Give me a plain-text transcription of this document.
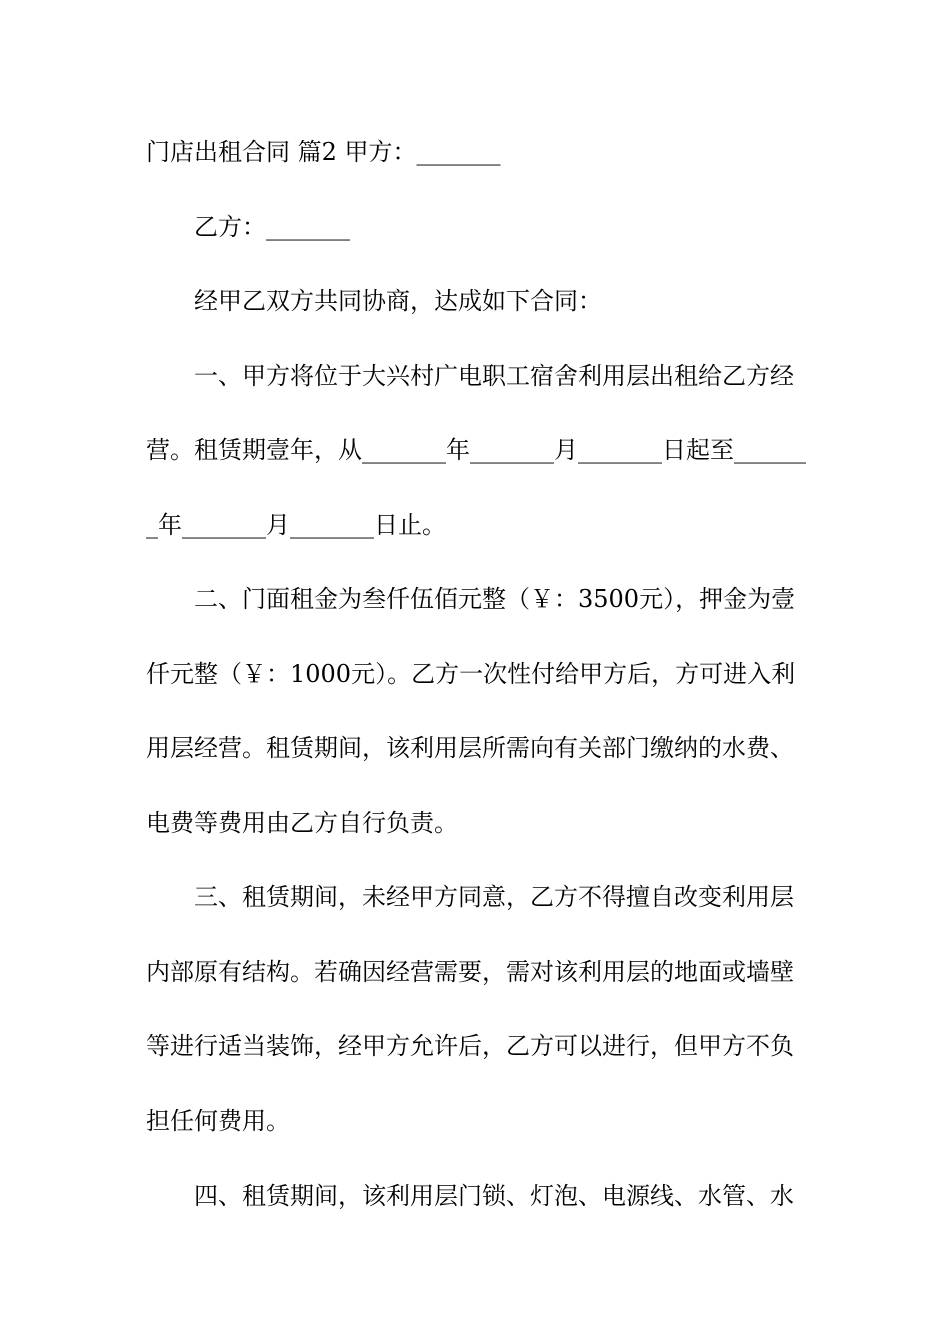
门店出租合同 篇2 甲方：_______
乙方：_______
经甲乙双方共同协商，达成如下合同：
一、甲方将位于大兴村广电职工宿舍利用层出租给乙方经
营。租赁期壹年，从_______年_______月_______日起至______
_年_______月_______日止。
二、门面租金为叁仟伍佰元整（￥：3500元），押金为壹
仟元整（￥：1000元）。乙方一次性付给甲方后，方可进入利
用层经营。租赁期间，该利用层所需向有关部门缴纳的水费、
电费等费用由乙方自行负责。
三、租赁期间，未经甲方同意，乙方不得擅自改变利用层
内部原有结构。若确因经营需要，需对该利用层的地面或墙壁
等进行适当装饰，经甲方允许后，乙方可以进行，但甲方不负
担任何费用。
四、租赁期间，该利用层门锁、灯泡、电源线、水管、水
